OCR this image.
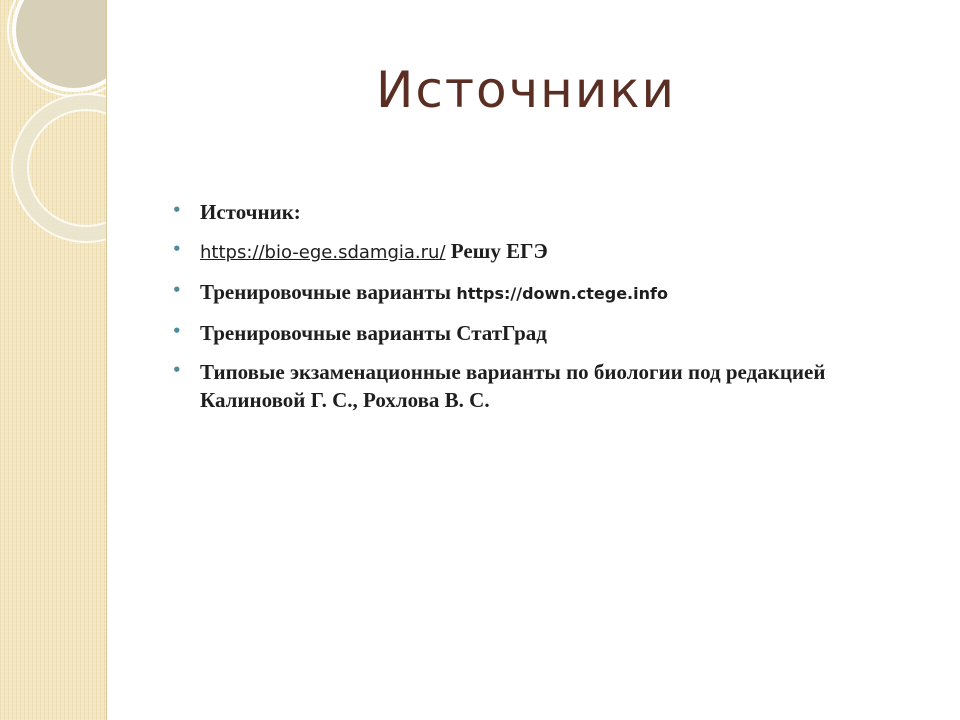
Источники
• Источник:
• https://bio-ege.sdamgia.ru/ Решу ЕГЭ
• Тренировочные варианты https://down.ctege.info
• Тренировочные варианты СтатГрад
• Типовые экзаменационные варианты по биологии под редакцией Калиновой Г. С., Рохлова В. С.
